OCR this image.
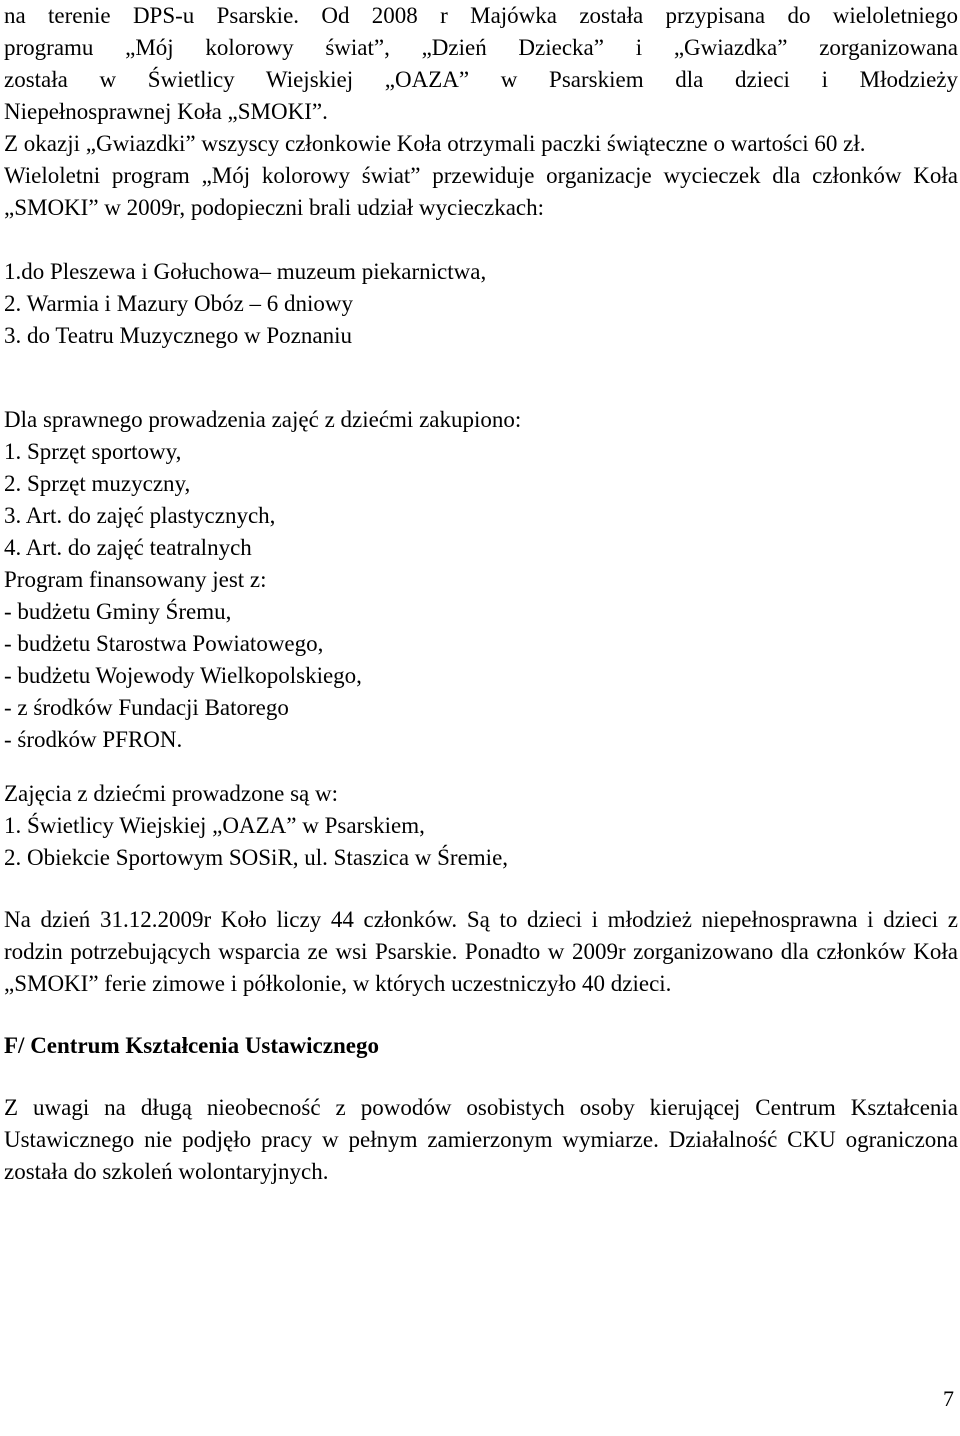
na terenie DPS-u Psarskie. Od 2008 r Majówka została przypisana do wieloletniego
programu „Mój kolorowy świat”, „Dzień Dziecka” i „Gwiazdka” zorganizowana
została w Świetlicy Wiejskiej „OAZA” w Psarskiem dla dzieci i Młodzieży
Niepełnosprawnej Koła „SMOKI”.

Z okazji „Gwiazdki” wszyscy członkowie Koła otrzymali paczki świąteczne o wartości 60 zł.

Wieloletni program „Mój kolorowy świat” przewiduje organizacje wycieczek dla członków Koła „SMOKI” w 2009r, podopieczni brali udział wycieczkach:

1.do Pleszewa i Gołuchowa– muzeum piekarnictwa,
2. Warmia i Mazury Obóz – 6 dniowy
3. do Teatru Muzycznego w Poznaniu
Dla sprawnego prowadzenia zajęć z dziećmi zakupiono:
1. Sprzęt sportowy,
2. Sprzęt muzyczny,
3. Art. do zajęć plastycznych,
4. Art. do zajęć teatralnych
Program finansowany jest z:
- budżetu Gminy Śremu,
- budżetu Starostwa Powiatowego,
- budżetu Wojewody Wielkopolskiego,
- z środków Fundacji Batorego
- środków PFRON.
Zajęcia z dziećmi prowadzone są w:
1. Świetlicy Wiejskiej „OAZA” w Psarskiem,
2. Obiekcie Sportowym SOSiR, ul. Staszica w Śremie,

Na dzień 31.12.2009r Koło liczy 44 członków. Są to dzieci i młodzież niepełnosprawna i dzieci z rodzin potrzebujących wsparcia ze wsi Psarskie. Ponadto w 2009r zorganizowano dla członków Koła „SMOKI” ferie zimowe i półkolonie, w których uczestniczyło 40 dzieci.

F/ Centrum Kształcenia Ustawicznego

Z uwagi na długą nieobecność z powodów osobistych osoby kierującej Centrum Kształcenia Ustawicznego nie podjęło pracy w pełnym zamierzonym wymiarze. Działalność CKU ograniczona została do szkoleń wolontaryjnych.

7
